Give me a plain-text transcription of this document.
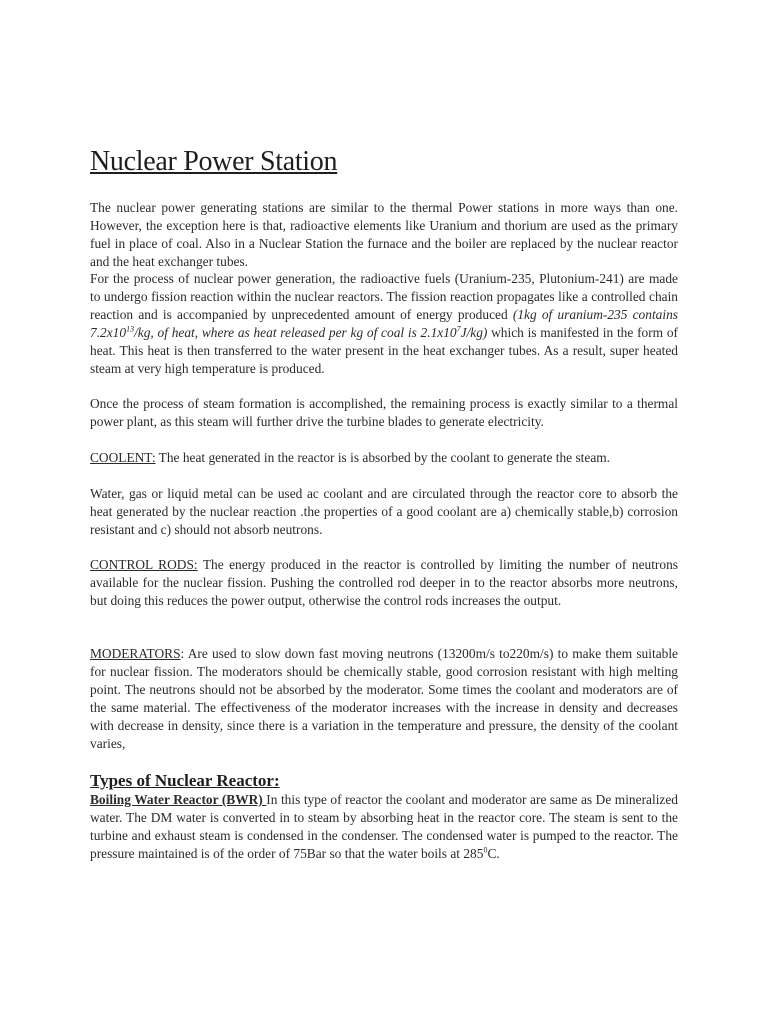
Nuclear Power Station

The nuclear power generating stations are similar to the thermal Power stations in more ways than one. However, the exception here is that, radioactive elements like Uranium and thorium are used as the primary fuel in place of coal. Also in a Nuclear Station the furnace and the boiler are replaced by the nuclear reactor and the heat exchanger tubes.

For the process of nuclear power generation, the radioactive fuels (Uranium-235, Plutonium-241) are made to undergo fission reaction within the nuclear reactors. The fission reaction propagates like a controlled chain reaction and is accompanied by unprecedented amount of energy produced (1kg of uranium-235 contains $7.2x10^{13}/kg$, of heat, where as heat released per kg of coal is $2.1x10^7J/kg$) which is manifested in the form of heat. This heat is then transferred to the water present in the heat exchanger tubes. As a result, super heated steam at very high temperature is produced.

Once the process of steam formation is accomplished, the remaining process is exactly similar to a thermal power plant, as this steam will further drive the turbine blades to generate electricity.

COOLENT: The heat generated in the reactor is is absorbed by the coolant to generate the steam.

Water, gas or liquid metal can be used ac coolant and are circulated through the reactor core to absorb the heat generated by the nuclear reaction .the properties of a good coolant are a) chemically stable,b) corrosion resistant and c) should not absorb neutrons.

CONTROL RODS: The energy produced in the reactor is controlled by limiting the number of neutrons available for the nuclear fission. Pushing the controlled rod deeper in to the reactor absorbs more neutrons, but doing this reduces the power output, otherwise the control rods increases the output.

MODERATORS: Are used to slow down fast moving neutrons (13200m/s to220m/s) to make them suitable for nuclear fission. The moderators should be chemically stable, good corrosion resistant with high melting point. The neutrons should not be absorbed by the moderator. Some times the coolant and moderators are of the same material. The effectiveness of the moderator increases with the increase in density and decreases with decrease in density, since there is a variation in the temperature and pressure, the density of the coolant varies,

Types of Nuclear Reactor:

Boiling Water Reactor (BWR) In this type of reactor the coolant and moderator are same as De mineralized water. The DM water is converted in to steam by absorbing heat in the reactor core. The steam is sent to the turbine and exhaust steam is condensed in the condenser. The condensed water is pumped to the reactor. The pressure maintained is of the order of 75Bar so that the water boils at $285^0C$.
